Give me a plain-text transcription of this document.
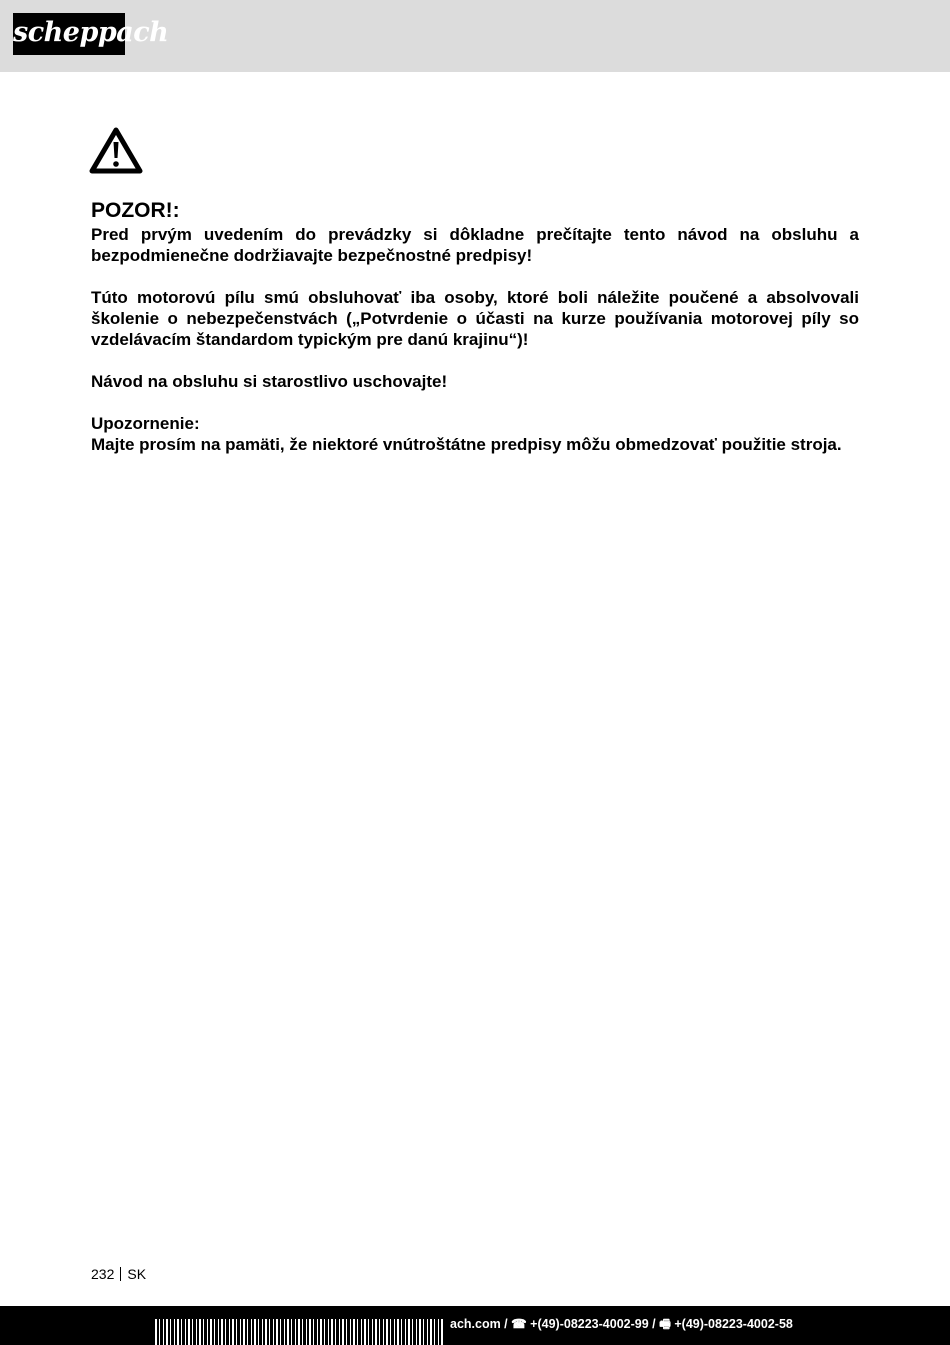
scheppach

POZOR!:

Pred prvým uvedením do prevádzky si dôkladne prečítajte tento návod na obsluhu a bezpodmienečne dodržiavajte bezpečnostné predpisy!

Túto motorovú pílu smú obsluhovať iba osoby, ktoré boli náležite poučené a absolvovali školenie o nebezpečenstvách („Potvrdenie o účasti na kurze používania motorovej píly so vzdelávacím štandardom typickým pre danú krajinu“)!

Návod na obsluhu si starostlivo uschovajte!

Upozornenie:
Majte prosím na pamäti, že niektoré vnútroštátne predpisy môžu obmedzovať použitie stroja.

232 SK
ach.com / ☎ +(49)-08223-4002-99 / 🖷 +(49)-08223-4002-58
